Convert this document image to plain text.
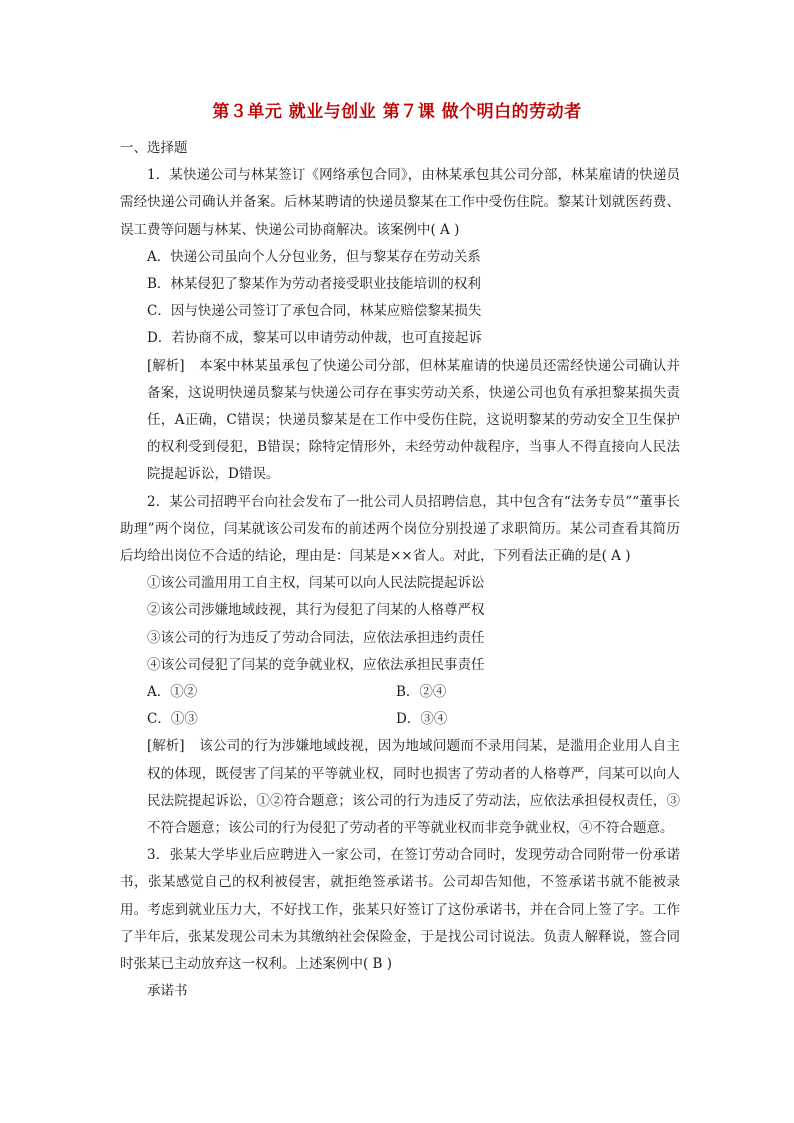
第３单元 就业与创业 第７课 做个明白的劳动者
一、选择题
1．某快递公司与林某签订《网络承包合同》，由林某承包其公司分部，林某雇请的快递员需经快递公司确认并备案。后林某聘请的快递员黎某在工作中受伤住院。黎某计划就医药费、误工费等问题与林某、快递公司协商解决。该案例中( A )
A．快递公司虽向个人分包业务，但与黎某存在劳动关系
B．林某侵犯了黎某作为劳动者接受职业技能培训的权利
C．因与快递公司签订了承包合同，林某应赔偿黎某损失
D．若协商不成，黎某可以申请劳动仲裁，也可直接起诉
[解析] 本案中林某虽承包了快递公司分部，但林某雇请的快递员还需经快递公司确认并备案，这说明快递员黎某与快递公司存在事实劳动关系，快递公司也负有承担黎某损失责任，A正确，C错误；快递员黎某是在工作中受伤住院，这说明黎某的劳动安全卫生保护的权利受到侵犯，B错误；除特定情形外，未经劳动仲裁程序，当事人不得直接向人民法院提起诉讼，D错误。
2．某公司招聘平台向社会发布了一批公司人员招聘信息，其中包含有“法务专员”“董事长助理”两个岗位，闫某就该公司发布的前述两个岗位分别投递了求职简历。某公司查看其简历后均给出岗位不合适的结论，理由是：闫某是××省人。对此，下列看法正确的是( A )
①该公司滥用用工自主权，闫某可以向人民法院提起诉讼
②该公司涉嫌地域歧视，其行为侵犯了闫某的人格尊严权
③该公司的行为违反了劳动合同法，应依法承担违约责任
④该公司侵犯了闫某的竞争就业权，应依法承担民事责任
A．①②	B．②④
C．①③	D．③④
[解析] 该公司的行为涉嫌地域歧视，因为地域问题而不录用闫某，是滥用企业用人自主权的体现，既侵害了闫某的平等就业权，同时也损害了劳动者的人格尊严，闫某可以向人民法院提起诉讼，①②符合题意；该公司的行为违反了劳动法，应依法承担侵权责任，③不符合题意；该公司的行为侵犯了劳动者的平等就业权而非竞争就业权，④不符合题意。
3．张某大学毕业后应聘进入一家公司，在签订劳动合同时，发现劳动合同附带一份承诺书，张某感觉自己的权利被侵害，就拒绝签承诺书。公司却告知他，不签承诺书就不能被录用。考虑到就业压力大，不好找工作，张某只好签订了这份承诺书，并在合同上签了字。工作了半年后，张某发现公司未为其缴纳社会保险金，于是找公司讨说法。负责人解释说，签合同时张某已主动放弃这一权利。上述案例中( B )
承诺书
